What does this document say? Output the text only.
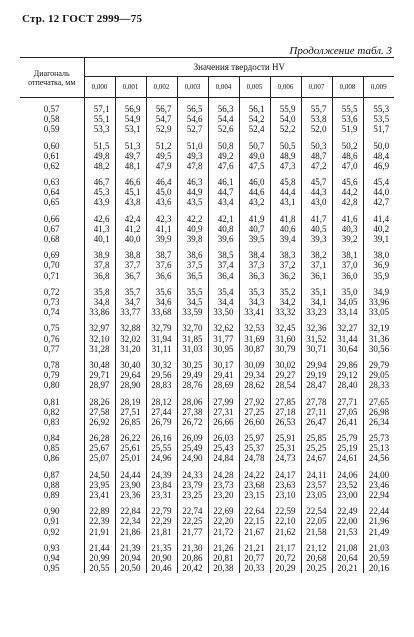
Стр. 12 ГОСТ 2999—75
Продолжение табл. 3
Диагональ отпечатка, мм	Значения твердости HV									
	0,000	0,001	0,002	0,003	0,004	0,005	0,006	0,007	0,008	0,009
0,57	57,1	56,9	56,7	56,5	56,3	56,1	55,9	55,7	55,5	55,3
0,58	55,1	54,9	54,7	54,6	54,4	54,2	54,0	53,8	53,6	53,5
0,59	53,3	53,1	52,9	52,7	52,6	52,4	52,2	52,0	51,9	51,7
0,60	51,5	51,3	51,2	51,0	50,8	50,7	50,5	50,3	50,2	50,0
0,61	49,8	49,7	49,5	49,3	49,2	49,0	48,9	48,7	48,6	48,4
0,62	48,2	48,1	47,9	47,8	47,6	47,5	47,3	47,2	47,0	46,9
0,63	46,7	46,6	46,4	46,3	46,1	46,0	45,8	45,7	45,6	45,4
0,64	45,3	45,1	45,0	44,9	44,7	44,6	44,4	44,3	44,2	44,0
0,65	43,9	43,8	43,6	43,5	43,4	43,2	43,1	43,0	42,8	42,7
0,66	42,6	42,4	42,3	42,2	42,1	41,9	41,8	41,7	41,6	41,4
0,67	41,3	41,2	41,1	40,9	40,8	40,7	40,6	40,5	40,3	40,2
0,68	40,1	40,0	39,9	39,8	39,6	39,5	39,4	39,3	39,2	39,1
0,69	38,9	38,8	38,7	38,6	38,5	38,4	38,3	38,2	38,1	38,0
0,70	37,8	37,7	37,6	37,5	37,4	37,3	37,2	37,1	37,0	36,9
0,71	36,8	36,7	36,6	36,5	36,4	36,3	36,2	36,1	36,0	35,9
0,72	35,8	35,7	35,6	35,5	35,4	35,3	35,2	35,1	35,0	34,9
0,73	34,8	34,7	34,6	34,5	34,4	34,3	34,2	34,1	34,05	33,96
0,74	33,86	33,77	33,68	33,59	33,50	33,41	33,32	33,23	33,14	33,05
0,75	32,97	32,88	32,79	32,70	32,62	32,53	32,45	32,36	32,27	32,19
0,76	32,10	32,02	31,94	31,85	31,77	31,69	31,60	31,52	31,44	31,36
0,77	31,28	31,20	31,11	31,03	30,95	30,87	30,79	30,71	30,64	30,56
0,78	30,48	30,40	30,32	30,25	30,17	30,09	30,02	29,94	29,86	29,79
0,79	29,71	29,64	29,56	29,49	29,41	29,34	29,27	29,19	29,12	29,05
0,80	28,97	28,90	28,83	28,76	28,69	28,62	28,54	28,47	28,40	28,33
0,81	28,26	28,19	28,12	28,06	27,99	27,92	27,85	27,78	27,71	27,65
0,82	27,58	27,51	27,44	27,38	27,31	27,25	27,18	27,11	27,05	26,98
0,83	26,92	26,85	26,79	26,72	26,66	26,60	26,53	26,47	26,41	26,34
0,84	26,28	26,22	26,16	26,09	26,03	25,97	25,91	25,85	25,79	25,73
0,85	25,67	25,61	25,55	25,49	25,43	25,37	25,31	25,25	25,19	25,13
0,86	25,07	25,01	24,96	24,90	24,84	24,78	24,73	24,67	24,61	24,56
0,87	24,50	24,44	24,39	24,33	24,28	24,22	24,17	24,11	24,06	24,00
0,88	23,95	23,90	23,84	23,79	23,73	23,68	23,63	23,57	23,52	23,46
0,89	23,41	23,36	23,31	23,25	23,20	23,15	23,10	23,05	23,00	22,94
0,90	22,89	22,84	22,79	22,74	22,69	22,64	22,59	22,54	22,49	22,44
0,91	22,39	22,34	22,29	22,25	22,20	22,15	22,10	22,05	22,00	21,96
0,92	21,91	21,86	21,81	21,77	21,72	21,67	21,62	21,58	21,53	21,49
0,93	21,44	21,39	21,35	21,30	21,26	21,21	21,17	21,12	21,08	21,03
0,94	20,99	20,94	20,90	20,86	20,81	20,77	20,72	20,68	20,64	20,59
0,95	20,55	20,50	20,46	20,42	20,38	20,33	20,29	20,25	20,21	20,16
